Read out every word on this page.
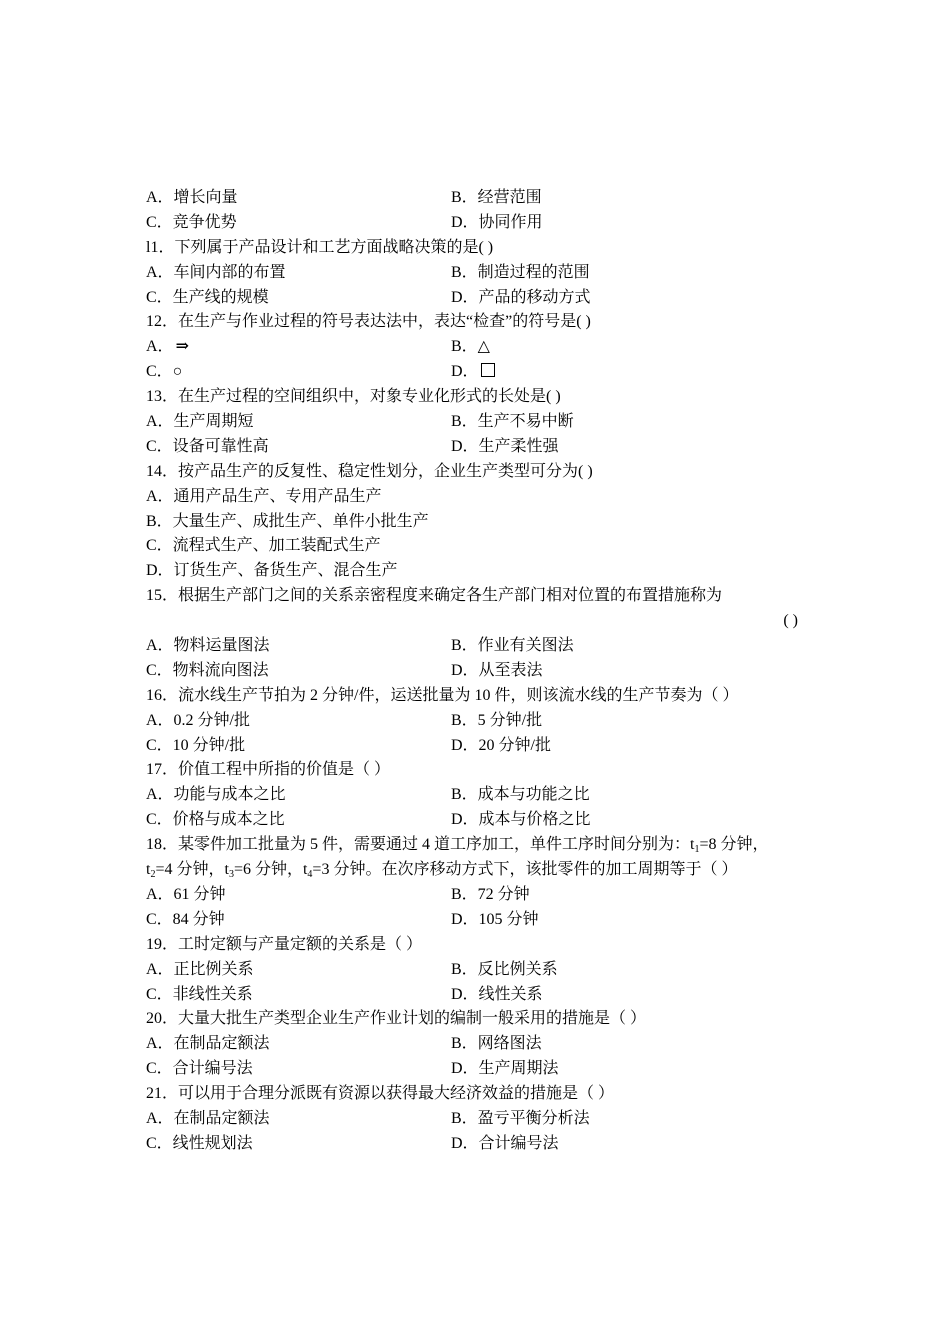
A．增长向量	B．经营范围
C．竞争优势	D．协同作用
l1．下列属于产品设计和工艺方面战略决策的是( )
A．车间内部的布置	B．制造过程的范围
C．生产线的规模	D．产品的移动方式
12．在生产与作业过程的符号表达法中，表达“检查”的符号是( )
A． ⇒	B．△
C．○	D．
13．在生产过程的空间组织中，对象专业化形式的长处是( )
A．生产周期短	B．生产不易中断
C．设备可靠性高	D．生产柔性强
14．按产品生产的反复性、稳定性划分，企业生产类型可分为( )
A．通用产品生产、专用产品生产
B．大量生产、成批生产、单件小批生产
C．流程式生产、加工装配式生产
D．订货生产、备货生产、混合生产
15．根据生产部门之间的关系亲密程度来确定各生产部门相对位置的布置措施称为
( )
A．物料运量图法	B．作业有关图法
C．物料流向图法	D．从至表法
16．流水线生产节拍为 2 分钟/件，运送批量为 10 件，则该流水线的生产节奏为（ ）
A．0.2 分钟/批	B．5 分钟/批
C．10 分钟/批	D．20 分钟/批
17．价值工程中所指的价值是（ ）
A．功能与成本之比	B．成本与功能之比
C．价格与成本之比	D．成本与价格之比
18．某零件加工批量为 5 件，需要通过 4 道工序加工，单件工序时间分别为：$t_1=8$ 分钟，
$t_2=4$ 分钟，$t_3=6$ 分钟，$t_4=3$ 分钟。在次序移动方式下，该批零件的加工周期等于（ ）
A．61 分钟	B．72 分钟
C．84 分钟	D．105 分钟
19．工时定额与产量定额的关系是（ ）
A．正比例关系	B．反比例关系
C．非线性关系	D．线性关系
20．大量大批生产类型企业生产作业计划的编制一般采用的措施是（ ）
A．在制品定额法	B．网络图法
C．合计编号法	D．生产周期法
21．可以用于合理分派既有资源以获得最大经济效益的措施是（ ）
A．在制品定额法	B．盈亏平衡分析法
C．线性规划法	D．合计编号法
